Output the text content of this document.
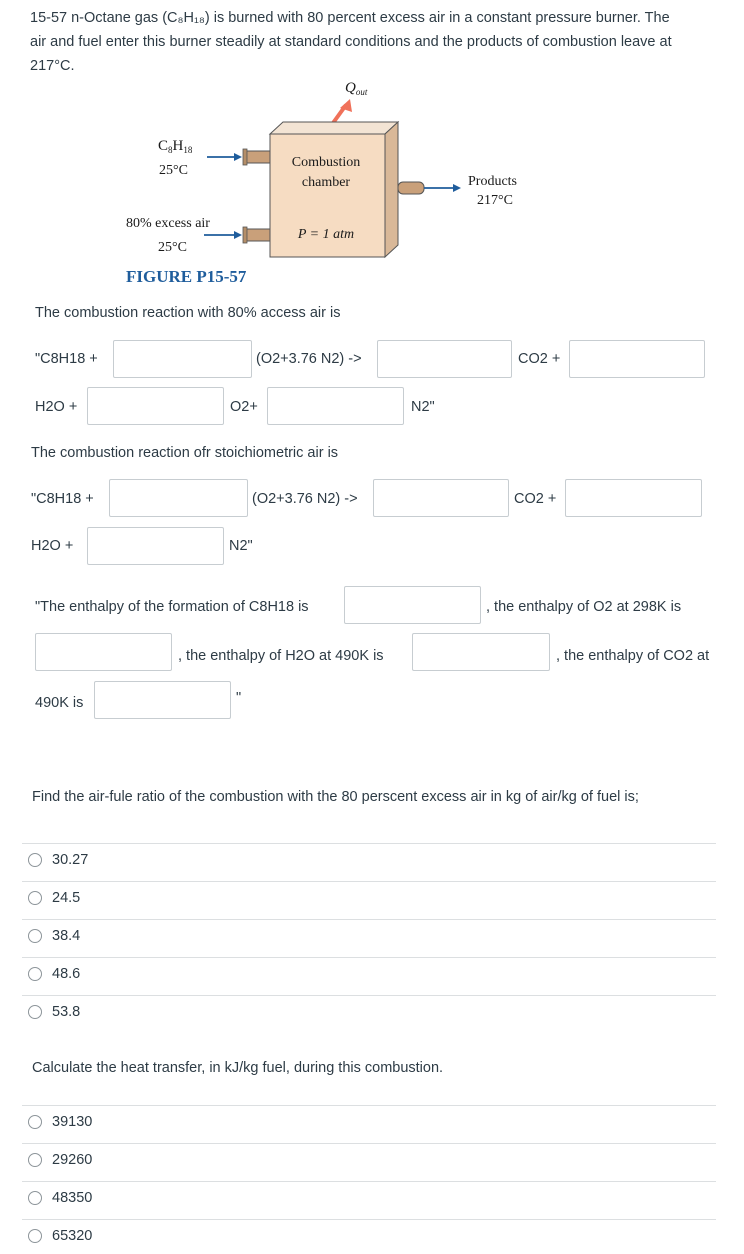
15-57 n-Octane gas (C₈H₁₈) is burned with 80 percent excess air in a constant pressure burner. The
air and fuel enter this burner steadily at standard conditions and the products of combustion leave at
217°C.
$Q_{out}$
Combustion
chamber
P = 1 atm
$C_8H_{18}$
25°C
80% excess air
25°C
Products
217°C
FIGURE P15-57
The combustion reaction with 80% access air is
"C8H18 +	(O2+3.76 N2) ->	CO2 +
H2O +	O2+	N2"
The combustion reaction ofr stoichiometric air is
"C8H18 +	(O2+3.76 N2) ->	CO2 +
H2O +	N2"
"The enthalpy of the formation of C8H18 is	, the enthalpy of O2 at 298K is
, the enthalpy of H2O at 490K is	, the enthalpy of CO2 at
490K is	"
Find the air-fule ratio of the combustion with the 80 perscent excess air in kg of air/kg of fuel is;
30.27
24.5
38.4
48.6
53.8
Calculate the heat transfer, in kJ/kg fuel, during this combustion.
39130
29260
48350
65320
